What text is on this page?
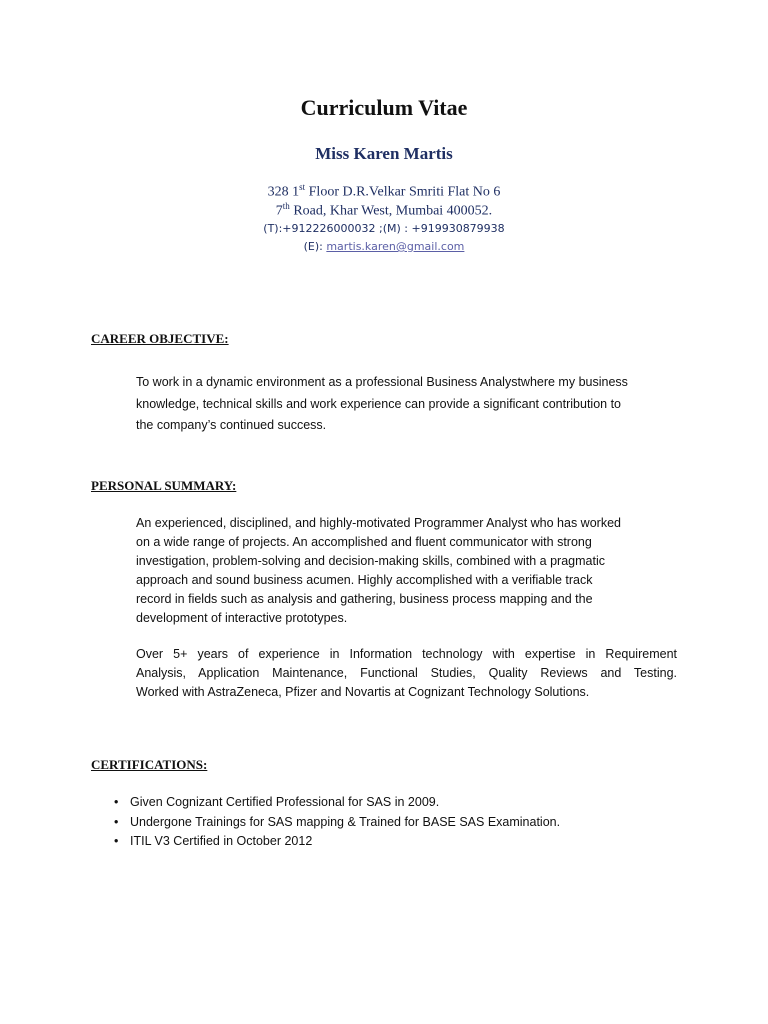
Curriculum Vitae
Miss Karen Martis
328 1st Floor D.R.Velkar Smriti Flat No 6
7th Road, Khar West, Mumbai 400052.
(T):+912226000032 ;(M) : +919930879938
(E): martis.karen@gmail.com
CAREER OBJECTIVE:
To work in a dynamic environment as a professional Business Analystwhere my business
knowledge, technical skills and work experience can provide a significant contribution to
the company’s continued success.
PERSONAL SUMMARY:
An experienced, disciplined, and highly-motivated Programmer Analyst who has worked
on a wide range of projects. An accomplished and fluent communicator with strong
investigation, problem-solving and decision-making skills, combined with a pragmatic
approach and sound business acumen. Highly accomplished with a verifiable track
record in fields such as analysis and gathering, business process mapping and the
development of interactive prototypes.
Over 5+ years of experience in Information technology with expertise in Requirement
Analysis, Application Maintenance, Functional Studies, Quality Reviews and Testing.
Worked with AstraZeneca, Pfizer and Novartis at Cognizant Technology Solutions.
CERTIFICATIONS:
• Given Cognizant Certified Professional for SAS in 2009.
• Undergone Trainings for SAS mapping & Trained for BASE SAS Examination.
• ITIL V3 Certified in October 2012
